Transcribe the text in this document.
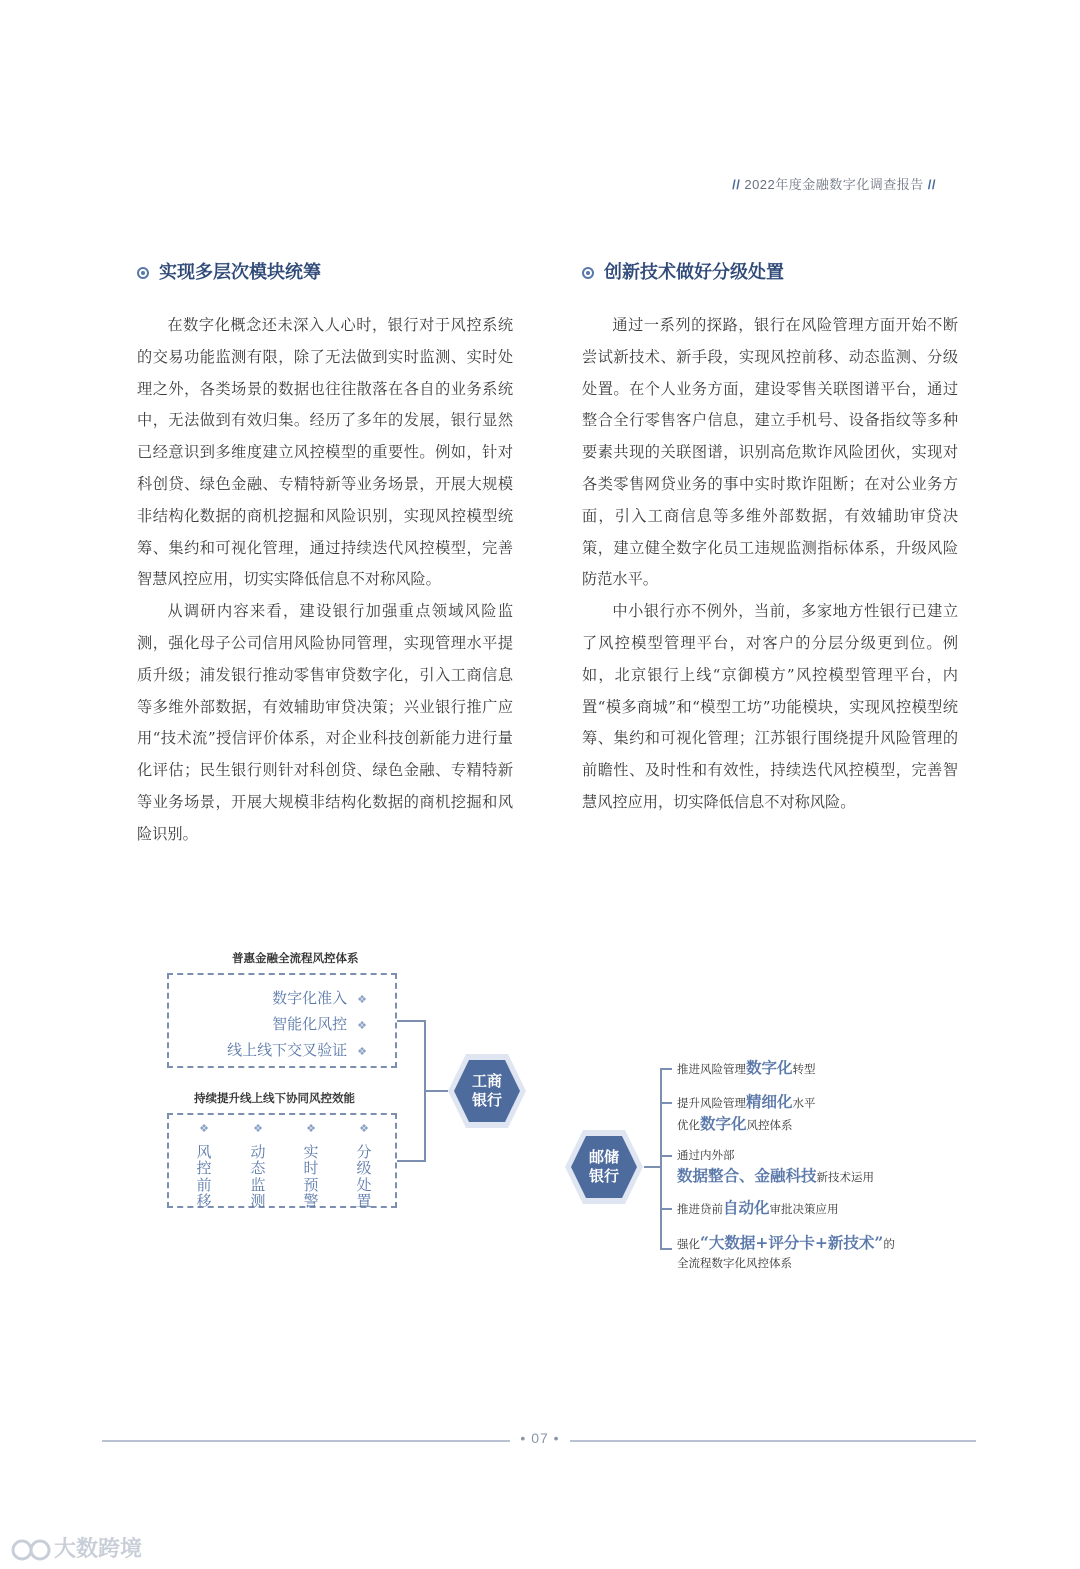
// 2022年度金融数字化调查报告 //
实现多层次模块统筹

在数字化概念还未深入人心时，银行对于风控系统的交易功能监测有限，除了无法做到实时监测、实时处理之外，各类场景的数据也往往散落在各自的业务系统中，无法做到有效归集。经历了多年的发展，银行显然已经意识到多维度建立风控模型的重要性。例如，针对科创贷、绿色金融、专精特新等业务场景，开展大规模非结构化数据的商机挖掘和风险识别，实现风控模型统筹、集约和可视化管理，通过持续迭代风控模型，完善智慧风控应用，切实实降低信息不对称风险。

从调研内容来看，建设银行加强重点领域风险监测，强化母子公司信用风险协同管理，实现管理水平提质升级；浦发银行推动零售审贷数字化，引入工商信息等多维外部数据，有效辅助审贷决策；兴业银行推广应用“技术流”授信评价体系，对企业科技创新能力进行量化评估；民生银行则针对科创贷、绿色金融、专精特新等业务场景，开展大规模非结构化数据的商机挖掘和风险识别。

创新技术做好分级处置

通过一系列的探路，银行在风险管理方面开始不断尝试新技术、新手段，实现风控前移、动态监测、分级处置。在个人业务方面，建设零售关联图谱平台，通过整合全行零售客户信息，建立手机号、设备指纹等多种要素共现的关联图谱，识别高危欺诈风险团伙，实现对各类零售网贷业务的事中实时欺诈阻断；在对公业务方面，引入工商信息等多维外部数据，有效辅助审贷决策，建立健全数字化员工违规监测指标体系，升级风险防范水平。

中小银行亦不例外，当前，多家地方性银行已建立了风控模型管理平台，对客户的分层分级更到位。例如，北京银行上线“京御模方”风控模型管理平台，内置“模多商城”和“模型工坊”功能模块，实现风控模型统筹、集约和可视化管理；江苏银行围绕提升风险管理的前瞻性、及时性和有效性，持续迭代风控模型，完善智慧风控应用，切实降低信息不对称风险。

普惠金融全流程风控体系
数字化准入 ❖
智能化风控 ❖
线上线下交叉验证 ❖
持续提升线上线下协同风控效能
❖
风控前移
❖
动态监测
❖
实时预警
❖
分级处置
工商
银行
邮储
银行
推进风险管理数字化转型
提升风险管理精细化水平
优化数字化风控体系
通过内外部
数据整合、金融科技新技术运用
推进贷前自动化审批决策应用
强化“大数据+评分卡+新技术”的
全流程数字化风控体系
• 07 •
大数跨境
